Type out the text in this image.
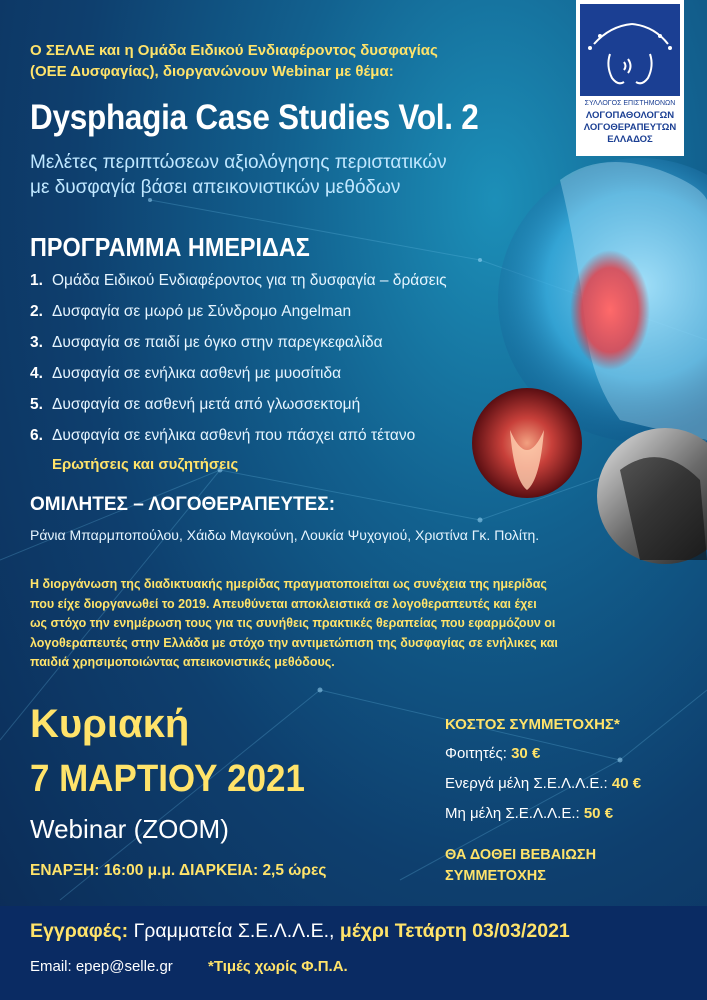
ΣΥΛΛΟΓΟΣ ΕΠΙΣΤΗΜΟΝΩΝ
ΛΟΓΟΠΑΘΟΛΟΓΩΝ
ΛΟΓΟΘΕΡΑΠΕΥΤΩΝ
ΕΛΛΑΔΟΣ
Ο ΣΕΛΛΕ και η Ομάδα Ειδικού Ενδιαφέροντος δυσφαγίας
(ΟΕΕ Δυσφαγίας), διοργανώνουν Webinar με θέμα:
Dysphagia Case Studies Vol. 2
Μελέτες περιπτώσεων αξιολόγησης περιστατικών
με δυσφαγία βάσει απεικονιστικών μεθόδων
ΠΡΟΓΡΑΜΜΑ ΗΜΕΡΙΔΑΣ
1. Ομάδα Ειδικού Ενδιαφέροντος για τη δυσφαγία – δράσεις
2. Δυσφαγία σε μωρό με Σύνδρομο Angelman
3. Δυσφαγία σε παιδί με όγκο στην παρεγκεφαλίδα
4. Δυσφαγία σε ενήλικα ασθενή με μυοσίτιδα
5. Δυσφαγία σε ασθενή μετά από γλωσσεκτομή
6. Δυσφαγία σε ενήλικα ασθενή που πάσχει από τέτανο
Ερωτήσεις και συζητήσεις
ΟΜΙΛΗΤΕΣ – ΛΟΓΟΘΕΡΑΠΕΥΤΕΣ:
Ράνια Μπαρμποπούλου, Χάιδω Μαγκούνη, Λουκία Ψυχογιού, Χριστίνα Γκ. Πολίτη.
Η διοργάνωση της διαδικτυακής ημερίδας πραγματοποιείται ως συνέχεια της ημερίδας
που είχε διοργανωθεί το 2019. Απευθύνεται αποκλειστικά σε λογοθεραπευτές και έχει
ως στόχο την ενημέρωση τους για τις συνήθεις πρακτικές θεραπείας που εφαρμόζουν οι
λογοθεραπευτές στην Ελλάδα με στόχο την αντιμετώπιση της δυσφαγίας σε ενήλικες και
παιδιά χρησιμοποιώντας απεικονιστικές μεθόδους.
Κυριακή
7 ΜΑΡΤΙΟΥ 2021
Webinar (ZOOM)
ΕΝΑΡΞΗ: 16:00 μ.μ. ΔΙΑΡΚΕΙΑ: 2,5 ώρες
ΚΟΣΤΟΣ ΣΥΜΜΕΤΟΧΗΣ*
Φοιτητές: 30 €
Ενεργά μέλη Σ.Ε.Λ.Λ.Ε.: 40 €
Μη μέλη Σ.Ε.Λ.Λ.Ε.: 50 €
ΘΑ ΔΟΘΕΙ ΒΕΒΑΙΩΣΗ
ΣΥΜΜΕΤΟΧΗΣ
Εγγραφές: Γραμματεία Σ.Ε.Λ.Λ.Ε., μέχρι Τετάρτη 03/03/2021
Email: epep@selle.gr *Τιμές χωρίς Φ.Π.Α.
